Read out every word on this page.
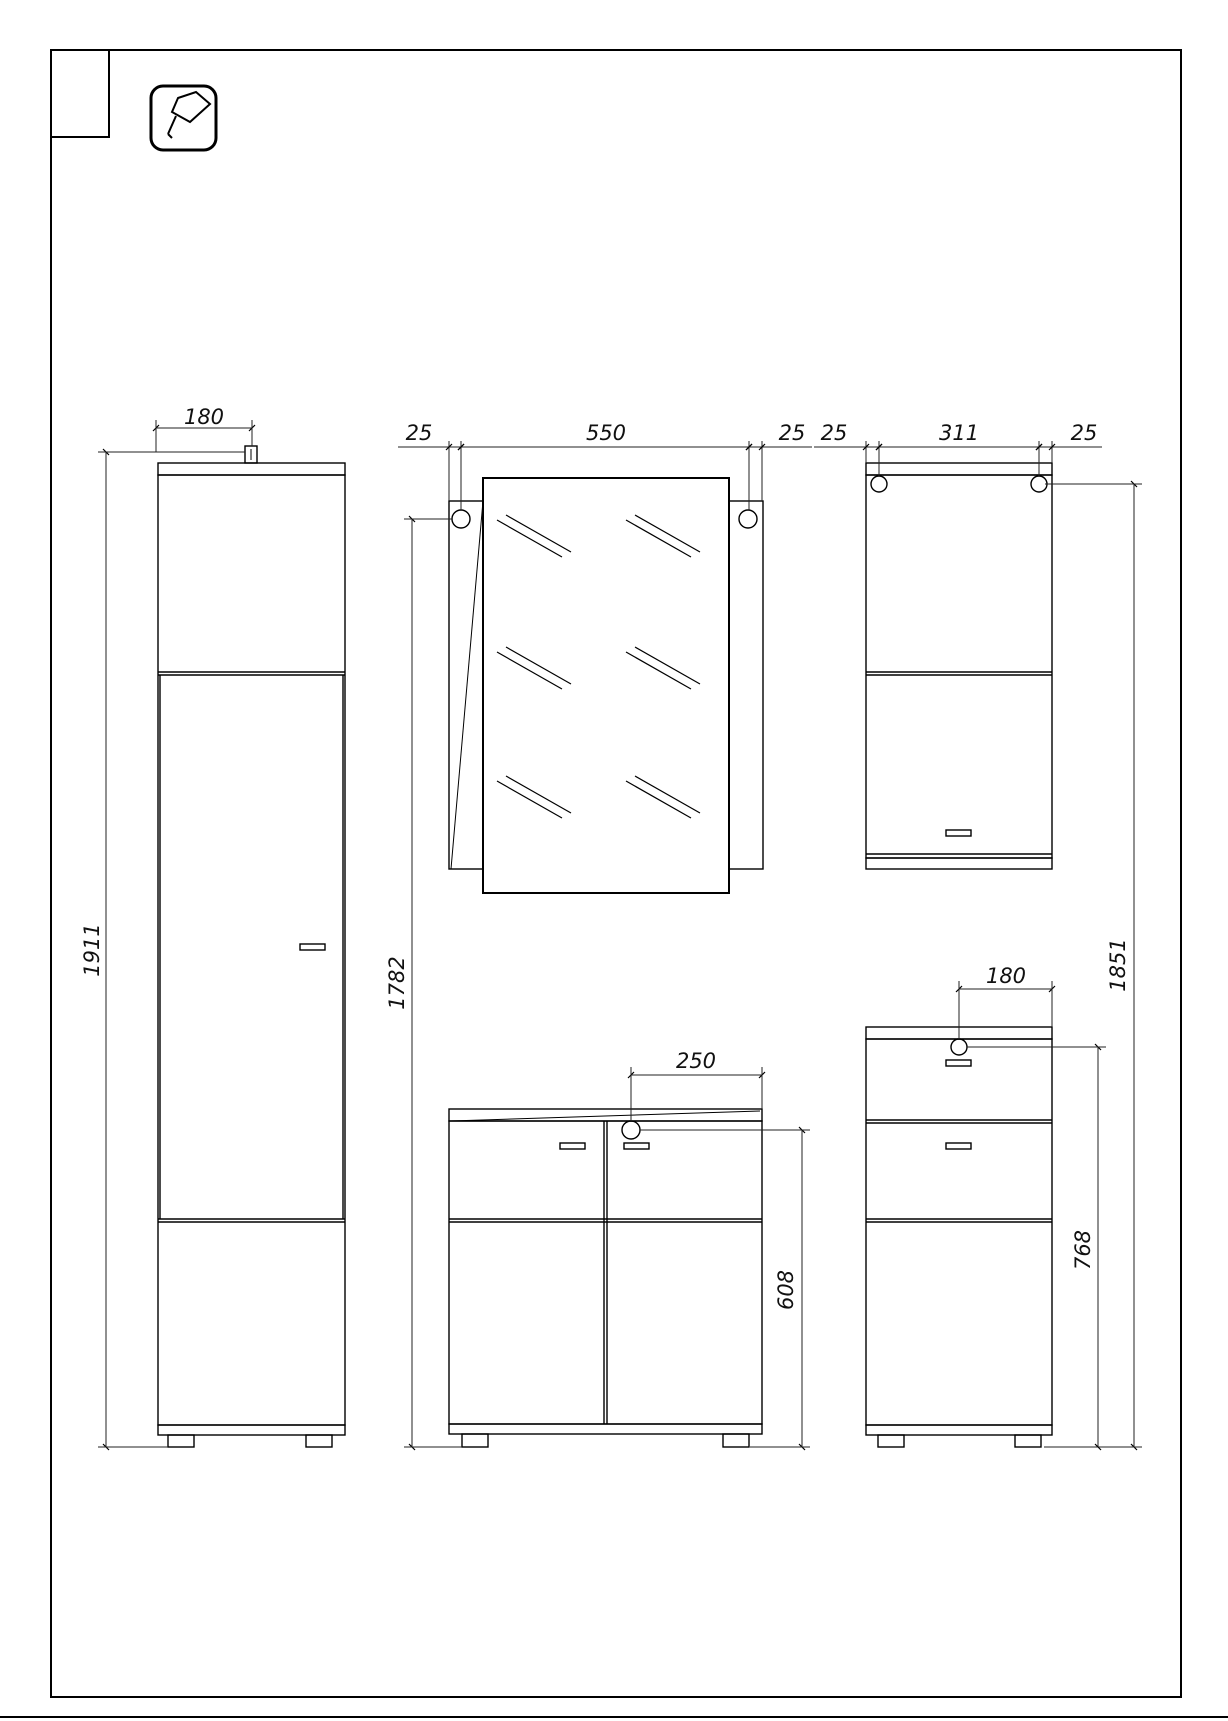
1911
180
25	550	25
1782
25	311	25
1851
250
608
180
768
